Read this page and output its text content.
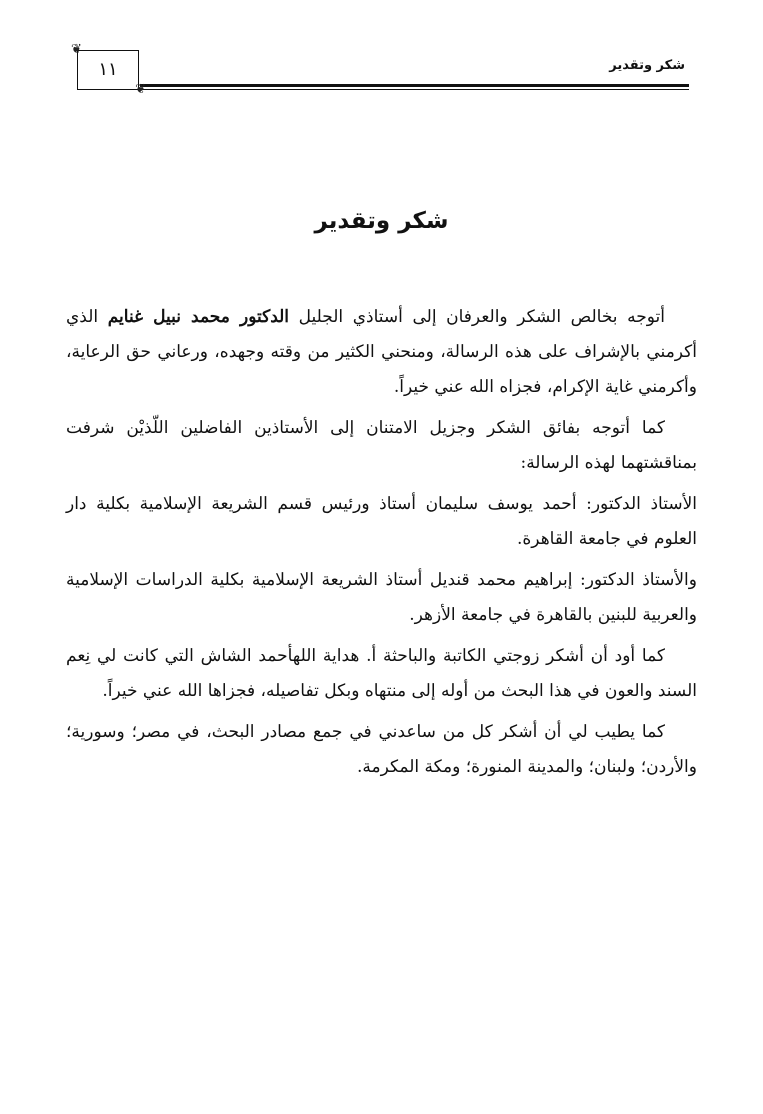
شكر وتقدير
❦
١١
❦
شكر وتقدير

أتوجه بخالص الشكر والعرفان إلى أستاذي الجليل الدكتور محمد نبيل غنايم الذي أكرمني بالإشراف على هذه الرسالة، ومنحني الكثير من وقته وجهده، ورعاني حق الرعاية، وأكرمني غاية الإكرام، فجزاه الله عني خيراً.

كما أتوجه بفائق الشكر وجزيل الامتنان إلى الأستاذين الفاضلين اللّذيْن شرفت بمناقشتهما لهذه الرسالة:

الأستاذ الدكتور: أحمد يوسف سليمان أستاذ ورئيس قسم الشريعة الإسلامية بكلية دار العلوم في جامعة القاهرة.

والأستاذ الدكتور: إبراهيم محمد قنديل أستاذ الشريعة الإسلامية بكلية الدراسات الإسلامية والعربية للبنين بالقاهرة في جامعة الأزهر.

كما أود أن أشكر زوجتي الكاتبة والباحثة أ. هداية اللهأحمد الشاش التي كانت لي نِعم السند والعون في هذا البحث من أوله إلى منتهاه وبكل تفاصيله، فجزاها الله عني خيراً.

كما يطيب لي أن أشكر كل من ساعدني في جمع مصادر البحث، في مصر؛ وسورية؛ والأردن؛ ولبنان؛ والمدينة المنورة؛ ومكة المكرمة.
